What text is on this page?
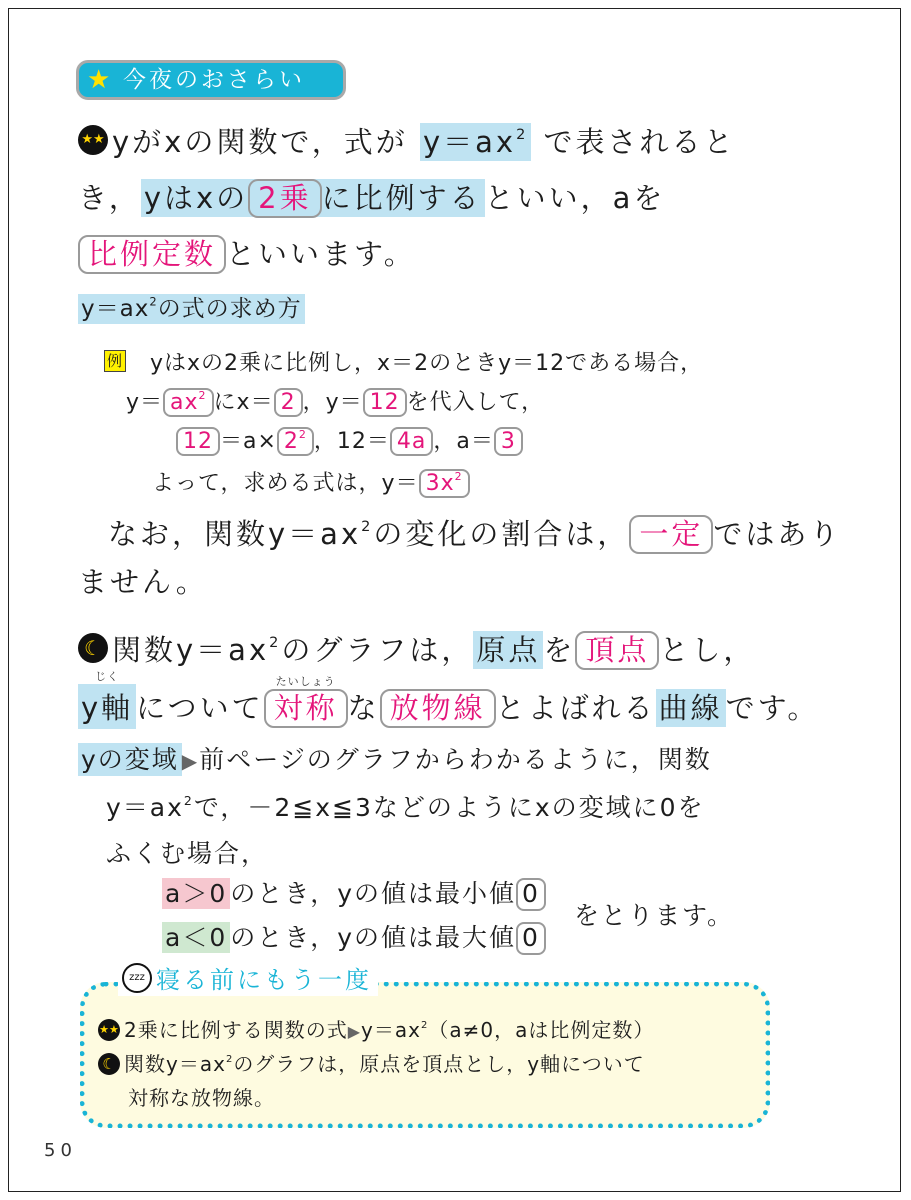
★ 今夜のおさらい
★★ yがxの関数で，式が $y=ax^2$ で表されると
き， yはxの 2乗 に比例する といい，aを
比例定数 といいます。
$y=ax^2$の式の求め方
例 yはxの2乗に比例し，x＝2のときy＝12である場合，
$y= ax^2$ にx＝ 2 ，y＝ 12 を代入して，
$12 =a\times 2^2$ ，12＝ 4a ，a＝ 3
よって，求める式は，$y= 3x^2$
なお，関数$y=ax^2$の変化の割合は， 一定 ではあり
ません。
☾ 関数$y=ax^2$のグラフは， 原点 を 頂点 とし，
じく
y軸 について
たいしょう
対称 な 放物線 とよばれる 曲線 です。
yの変域 ▶前ページのグラフからわかるように，関数
$y=ax^2$で，－2≦x≦3などのようにxの変域に0を
ふくむ場合，
a＞0 のとき，yの値は最小値 0
a＜0 のとき，yの値は最大値 0
をとります。
zzz 寝る前にもう一度
★★ 2乗に比例する関数の式$▶y=ax^2(a\ne 0$，aは比例定数）
☾ 関数$y=ax^2$のグラフは，原点を頂点とし，y軸について
対称な放物線。
50
